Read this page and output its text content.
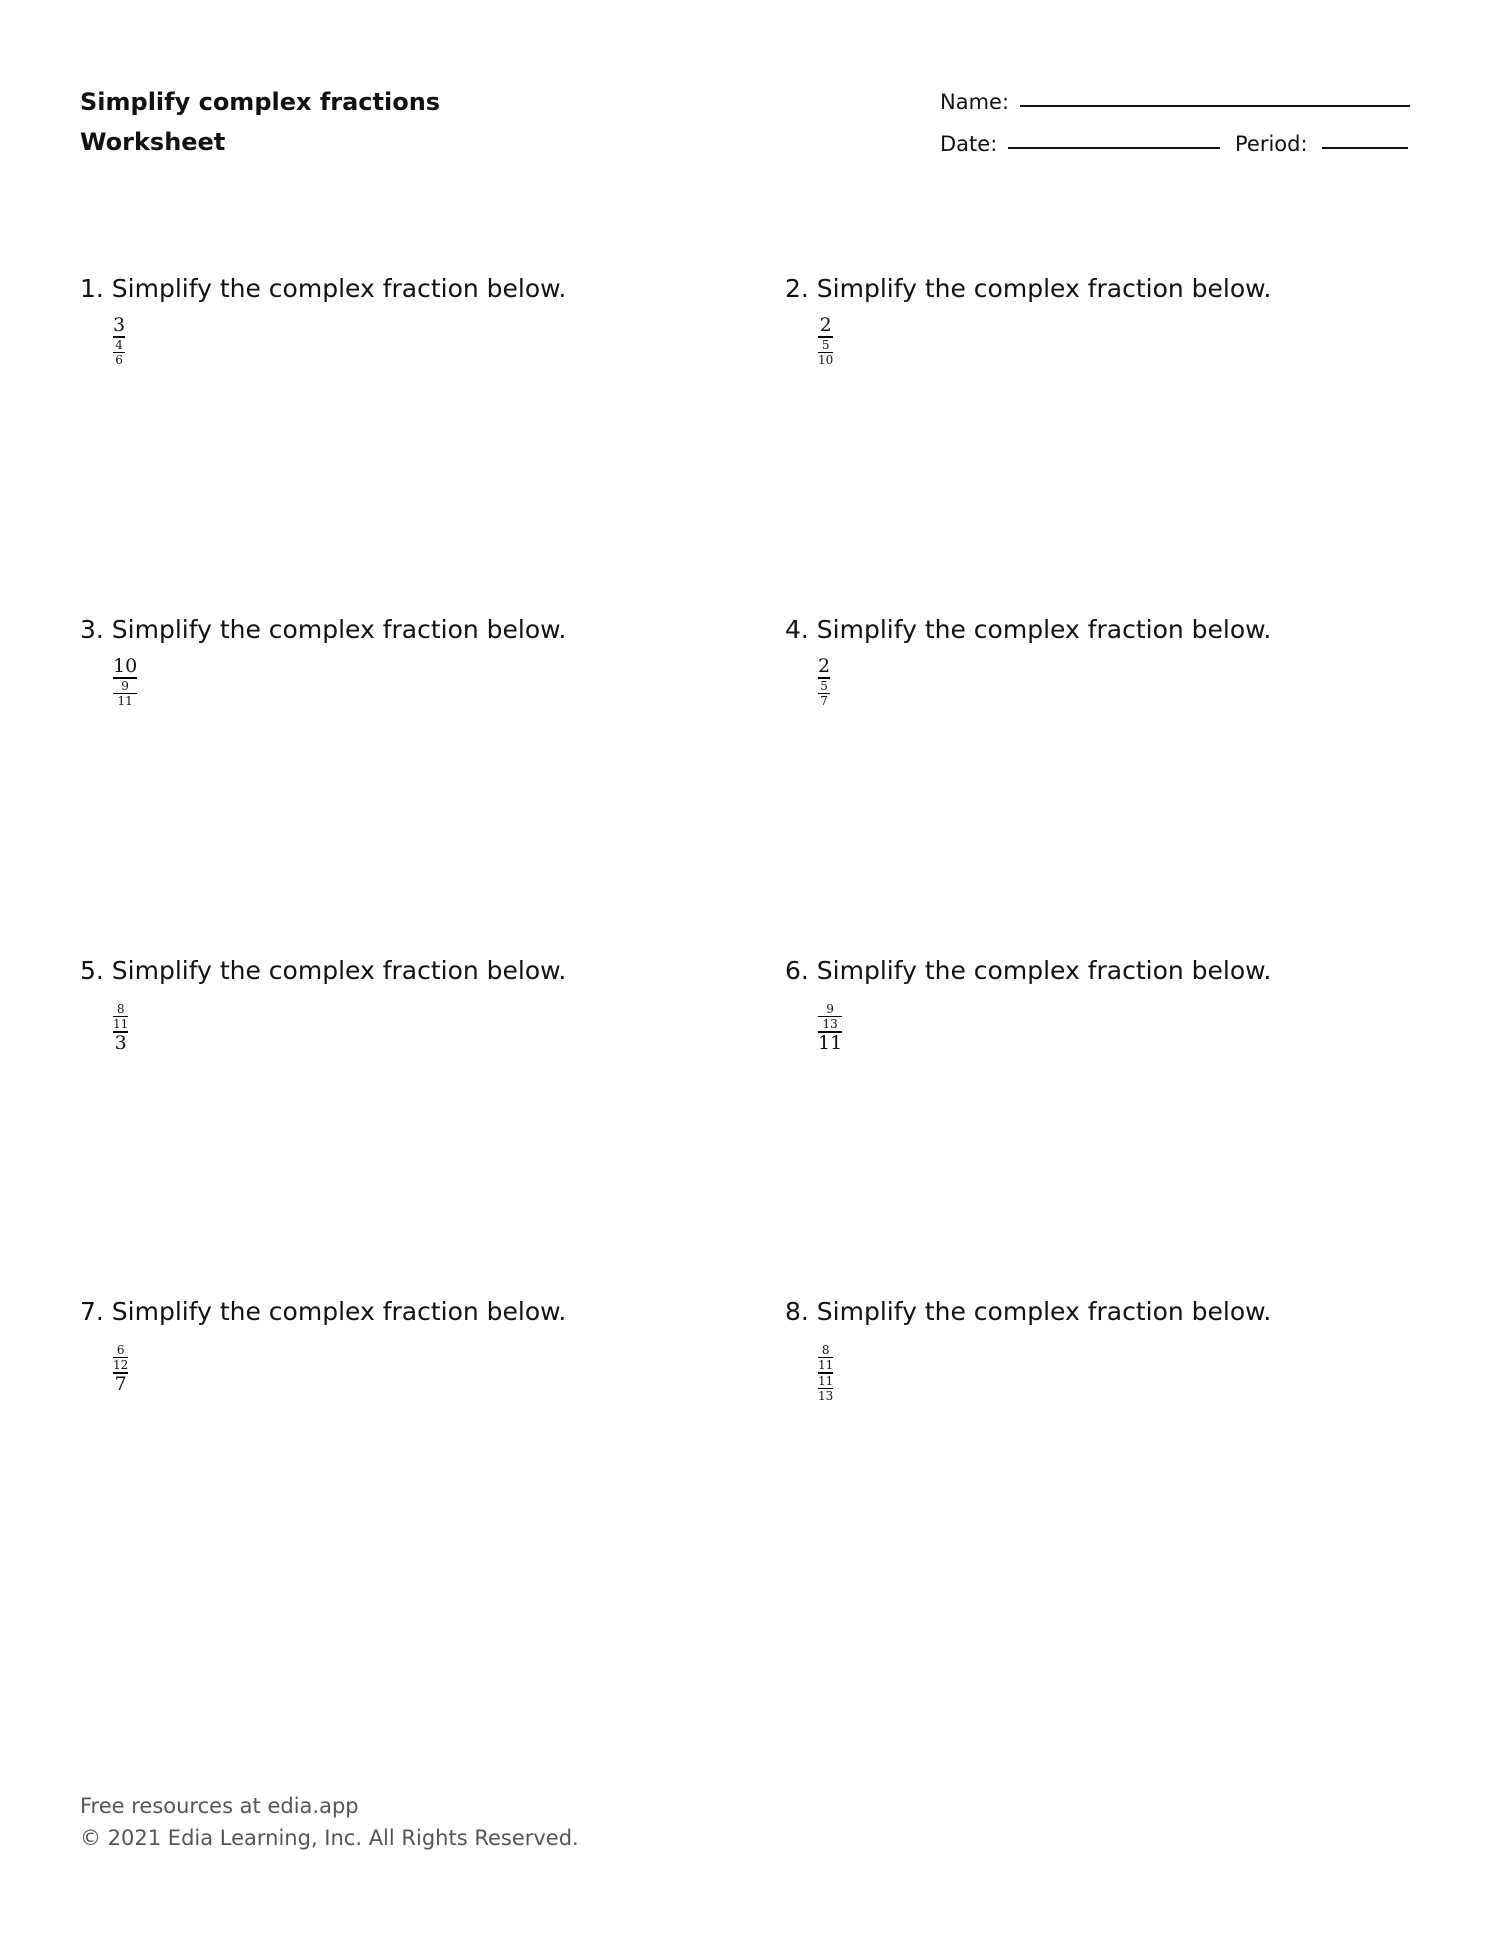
Simplify complex fractions
Worksheet
Name:
Date:	Period:
1. Simplify the complex fraction below.
3
4
6
2. Simplify the complex fraction below.
2
5
10
3. Simplify the complex fraction below.
10
9
11
4. Simplify the complex fraction below.
2
5
7
5. Simplify the complex fraction below.
8
11
3
6. Simplify the complex fraction below.
9
13
11
7. Simplify the complex fraction below.
6
12
7
8. Simplify the complex fraction below.
8
11
11
13
Free resources at edia.app
© 2021 Edia Learning, Inc. All Rights Reserved.
